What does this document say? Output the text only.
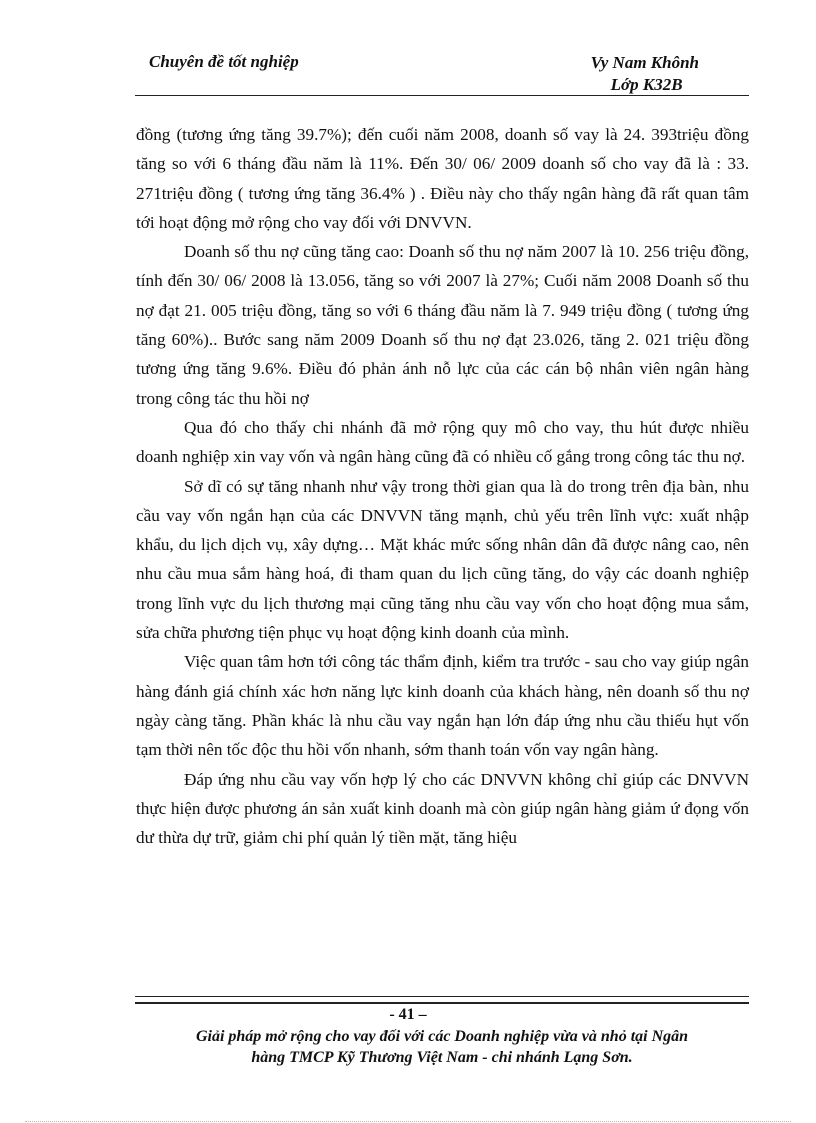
Chuyên đề tốt nghiệp	Vy Nam Khônh
Lớp K32B

đồng (tương ứng tăng 39.7%); đến cuối năm 2008, doanh số vay là 24. 393triệu đồng tăng so với 6 tháng đầu năm là 11%. Đến 30/ 06/ 2009 doanh số cho vay đã là : 33. 271triệu đồng ( tương ứng tăng 36.4% ) . Điều này cho thấy ngân hàng đã rất quan tâm tới hoạt động mở rộng cho vay đối với DNVVN.

Doanh số thu nợ cũng tăng cao: Doanh số thu nợ năm 2007 là 10. 256 triệu đồng, tính đến 30/ 06/ 2008 là 13.056, tăng so với 2007 là 27%; Cuối năm 2008 Doanh số thu nợ đạt 21. 005 triệu đồng, tăng so với 6 tháng đầu năm là 7. 949 triệu đồng ( tương ứng tăng 60%).. Bước sang năm 2009 Doanh số thu nợ đạt 23.026, tăng 2. 021 triệu đồng tương ứng tăng 9.6%. Điều đó phản ánh nỗ lực của các cán bộ nhân viên ngân hàng trong công tác thu hồi nợ

Qua đó cho thấy chi nhánh đã mở rộng quy mô cho vay, thu hút được nhiều doanh nghiệp xin vay vốn và ngân hàng cũng đã có nhiều cố gắng trong công tác thu nợ.

Sở dĩ có sự tăng nhanh như vậy trong thời gian qua là do trong trên địa bàn, nhu cầu vay vốn ngắn hạn của các DNVVN tăng mạnh, chủ yếu trên lĩnh vực: xuất nhập khẩu, du lịch dịch vụ, xây dựng… Mặt khác mức sống nhân dân đã được nâng cao, nên nhu cầu mua sắm hàng hoá, đi tham quan du lịch cũng tăng, do vậy các doanh nghiệp trong lĩnh vực du lịch thương mại cũng tăng nhu cầu vay vốn cho hoạt động mua sắm, sửa chữa phương tiện phục vụ hoạt động kinh doanh của mình.

Việc quan tâm hơn tới công tác thẩm định, kiểm tra trước - sau cho vay giúp ngân hàng đánh giá chính xác hơn năng lực kinh doanh của khách hàng, nên doanh số thu nợ ngày càng tăng. Phần khác là nhu cầu vay ngắn hạn lớn đáp ứng nhu cầu thiếu hụt vốn tạm thời nên tốc độc thu hồi vốn nhanh, sớm thanh toán vốn vay ngân hàng.

Đáp ứng nhu cầu vay vốn hợp lý cho các DNVVN không chỉ giúp các DNVVN thực hiện được phương án sản xuất kinh doanh mà còn giúp ngân hàng giảm ứ đọng vốn dư thừa dự trữ, giảm chi phí quản lý tiền mặt, tăng hiệu

- 41 –
Giải pháp mở rộng cho vay đối với các Doanh nghiệp vừa và nhỏ tại Ngân
hàng TMCP Kỹ Thương Việt Nam - chi nhánh Lạng Sơn.
